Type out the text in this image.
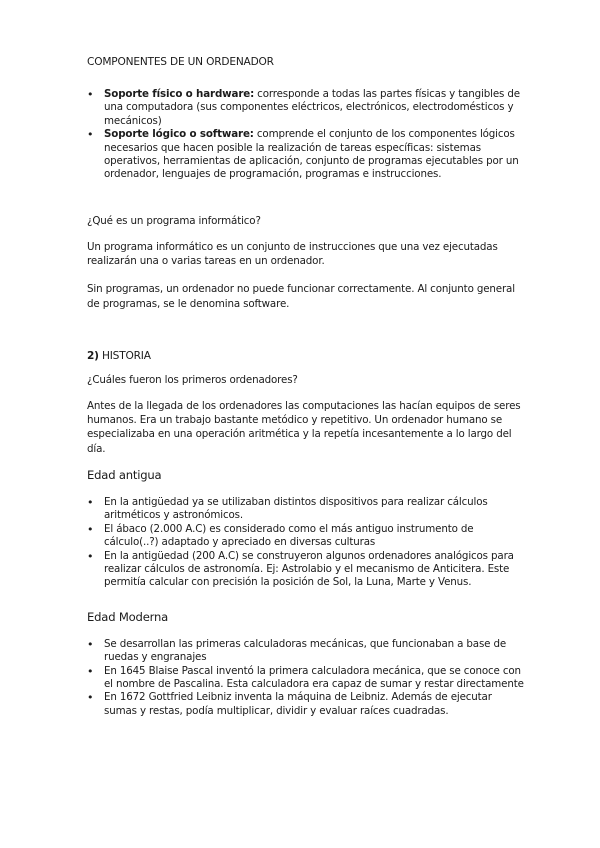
COMPONENTES DE UN ORDENADOR

• Soporte físico o hardware: corresponde a todas las partes físicas y tangibles de una computadora (sus componentes eléctricos, electrónicos, electrodomésticos y mecánicos)
• Soporte lógico o software: comprende el conjunto de los componentes lógicos necesarios que hacen posible la realización de tareas específicas: sistemas operativos, herramientas de aplicación, conjunto de programas ejecutables por un ordenador, lenguajes de programación, programas e instrucciones.

¿Qué es un programa informático?

Un programa informático es un conjunto de instrucciones que una vez ejecutadas realizarán una o varias tareas en un ordenador.

Sin programas, un ordenador no puede funcionar correctamente. Al conjunto general de programas, se le denomina software.

2) HISTORIA

¿Cuáles fueron los primeros ordenadores?

Antes de la llegada de los ordenadores las computaciones las hacían equipos de seres humanos. Era un trabajo bastante metódico y repetitivo. Un ordenador humano se especializaba en una operación aritmética y la repetía incesantemente a lo largo del día.

Edad antigua

• En la antigüedad ya se utilizaban distintos dispositivos para realizar cálculos aritméticos y astronómicos.
• El ábaco (2.000 A.C) es considerado como el más antiguo instrumento de cálculo(..?) adaptado y apreciado en diversas culturas
• En la antigüedad (200 A.C) se construyeron algunos ordenadores analógicos para realizar cálculos de astronomía. Ej: Astrolabio y el mecanismo de Anticitera. Este permitía calcular con precisión la posición de Sol, la Luna, Marte y Venus.

Edad Moderna

• Se desarrollan las primeras calculadoras mecánicas, que funcionaban a base de ruedas y engranajes
• En 1645 Blaise Pascal inventó la primera calculadora mecánica, que se conoce con el nombre de Pascalina. Esta calculadora era capaz de sumar y restar directamente
• En 1672 Gottfried Leibniz inventa la máquina de Leibniz. Además de ejecutar sumas y restas, podía multiplicar, dividir y evaluar raíces cuadradas.
